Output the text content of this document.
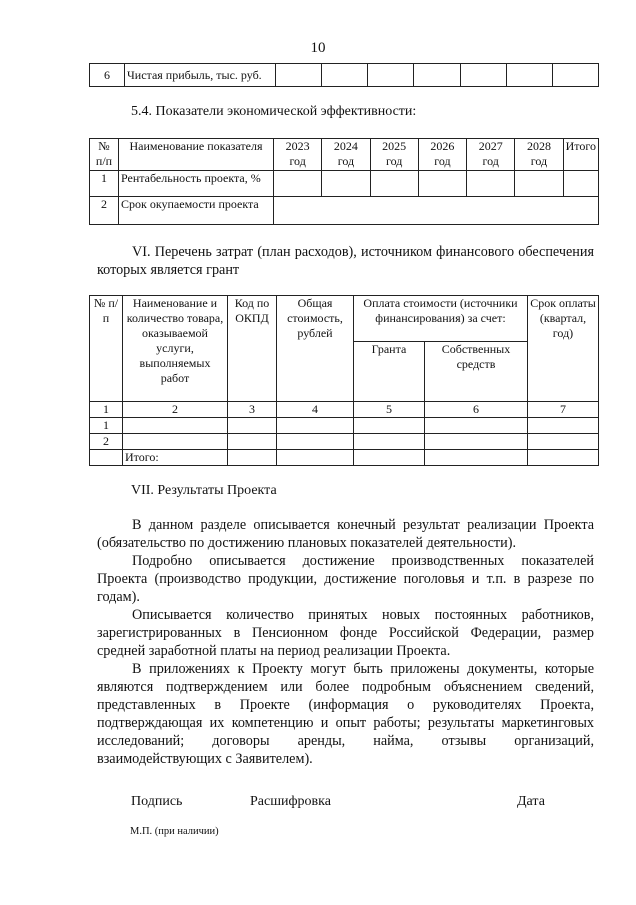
10
6	Чистая прибыль, тыс. руб.							
5.4. Показатели экономической эффективности:
№ п/п	Наименование показателя	2023 год	2024 год	2025 год	2026 год	2027 год	2028 год	Итого
1	Рентабельность проекта, %							
2	Срок окупаемости проекта							

VI. Перечень затрат (план расходов), источником финансового обеспечения которых является грант

№ п/п	Наименование и количество товара, оказываемой услуги, выполняемых работ	Код по ОКПД	Общая стоимость, рублей	Оплата стоимости (источники финансирования) за счет:		Срок оплаты (квартал, год)
				Гранта	Собственных средств	
1	2	3	4	5	6	7
1						
2						
	Итого:					
VII. Результаты Проекта

В данном разделе описывается конечный результат реализации Проекта (обязательство по достижению плановых показателей деятельности).

Подробно описывается достижение производственных показателей Проекта (производство продукции, достижение поголовья и т.п. в разрезе по годам).

Описывается количество принятых новых постоянных работников, зарегистрированных в Пенсионном фонде Российской Федерации, размер средней заработной платы на период реализации Проекта.

В приложениях к Проекту могут быть приложены документы, которые являются подтверждением или более подробным объяснением сведений, представленных в Проекте (информация о руководителях Проекта, подтверждающая их компетенцию и опыт работы; результаты маркетинговых исследований; договоры аренды, найма, отзывы организаций, взаимодействующих с Заявителем).

Подпись	Расшифровка	Дата
М.П. (при наличии)
